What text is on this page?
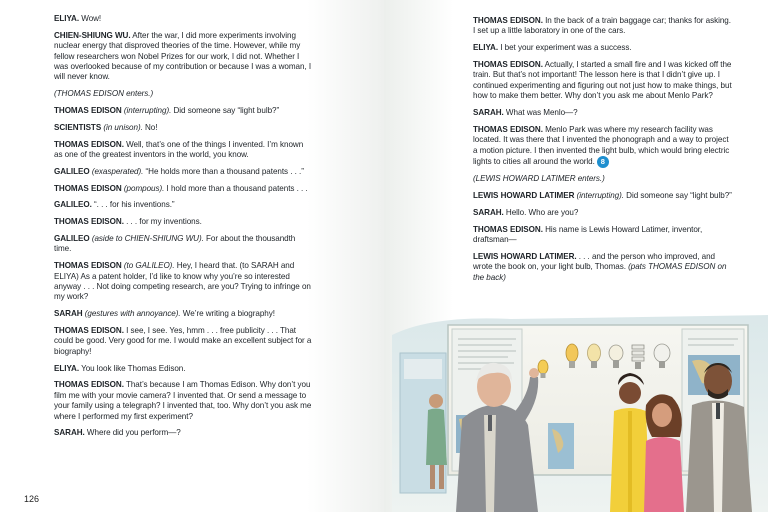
ELIYA. Wow!

CHIEN-SHIUNG WU. After the war, I did more experiments involving nuclear energy that disproved theories of the time. However, while my fellow researchers won Nobel Prizes for our work, I did not. Whether I was overlooked because of my contribution or because I was a woman, I will never know.

(THOMAS EDISON enters.)

THOMAS EDISON (interrupting). Did someone say “light bulb?”

SCIENTISTS (in unison). No!

THOMAS EDISON. Well, that’s one of the things I invented. I’m known as one of the greatest inventors in the world, you know.

GALILEO (exasperated). “He holds more than a thousand patents . . .”

THOMAS EDISON (pompous). I hold more than a thousand patents . . .

GALILEO. “. . . for his inventions.”

THOMAS EDISON. . . . for my inventions.

GALILEO (aside to CHIEN-SHIUNG WU). For about the thousandth time.

THOMAS EDISON (to GALILEO). Hey, I heard that. (to SARAH and ELIYA) As a patent holder, I’d like to know why you’re so interested anyway . . . Not doing competing research, are you? Trying to infringe on my work?

SARAH (gestures with annoyance). We’re writing a biography!

THOMAS EDISON. I see, I see. Yes, hmm . . . free publicity . . . That could be good. Very good for me. I would make an excellent subject for a biography!

ELIYA. You look like Thomas Edison.

THOMAS EDISON. That’s because I am Thomas Edison. Why don’t you film me with your movie camera? I invented that. Or send a message to your family using a telegraph? I invented that, too. Why don’t you ask me where I performed my first experiment?

SARAH. Where did you perform—?

126

THOMAS EDISON. In the back of a train baggage car; thanks for asking. I set up a little laboratory in one of the cars.

ELIYA. I bet your experiment was a success.

THOMAS EDISON. Actually, I started a small fire and I was kicked off the train. But that’s not important! The lesson here is that I didn’t give up. I continued experimenting and figuring out not just how to make things, but how to make them better. Why don’t you ask me about Menlo Park?

SARAH. What was Menlo—?

THOMAS EDISON. Menlo Park was where my research facility was located. It was there that I invented the phonograph and a way to project a motion picture. I then invented the light bulb, which would bring electric lights to cities all around the world. 8

(LEWIS HOWARD LATIMER enters.)

LEWIS HOWARD LATIMER (interrupting). Did someone say “light bulb?”

SARAH. Hello. Who are you?

THOMAS EDISON. His name is Lewis Howard Latimer, inventor, draftsman—

LEWIS HOWARD LATIMER. . . . and the person who improved, and wrote the book on, your light bulb, Thomas. (pats THOMAS EDISON on the back)
